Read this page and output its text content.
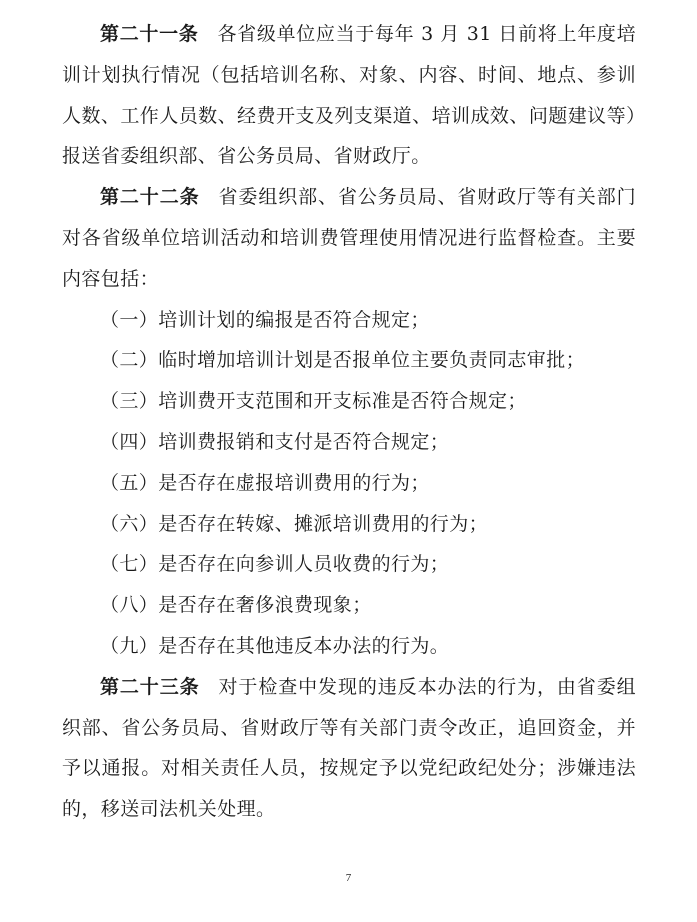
第二十一条 各省级单位应当于每年 3 月 31 日前将上年度培训计划执行情况（包括培训名称、对象、内容、时间、地点、参训人数、工作人员数、经费开支及列支渠道、培训成效、问题建议等）报送省委组织部、省公务员局、省财政厅。

第二十二条 省委组织部、省公务员局、省财政厅等有关部门对各省级单位培训活动和培训费管理使用情况进行监督检查。主要内容包括：

（一）培训计划的编报是否符合规定；

（二）临时增加培训计划是否报单位主要负责同志审批；

（三）培训费开支范围和开支标准是否符合规定；

（四）培训费报销和支付是否符合规定；

（五）是否存在虚报培训费用的行为；

（六）是否存在转嫁、摊派培训费用的行为；

（七）是否存在向参训人员收费的行为；

（八）是否存在奢侈浪费现象；

（九）是否存在其他违反本办法的行为。

第二十三条 对于检查中发现的违反本办法的行为，由省委组织部、省公务员局、省财政厅等有关部门责令改正，追回资金，并予以通报。对相关责任人员，按规定予以党纪政纪处分；涉嫌违法的，移送司法机关处理。

7
